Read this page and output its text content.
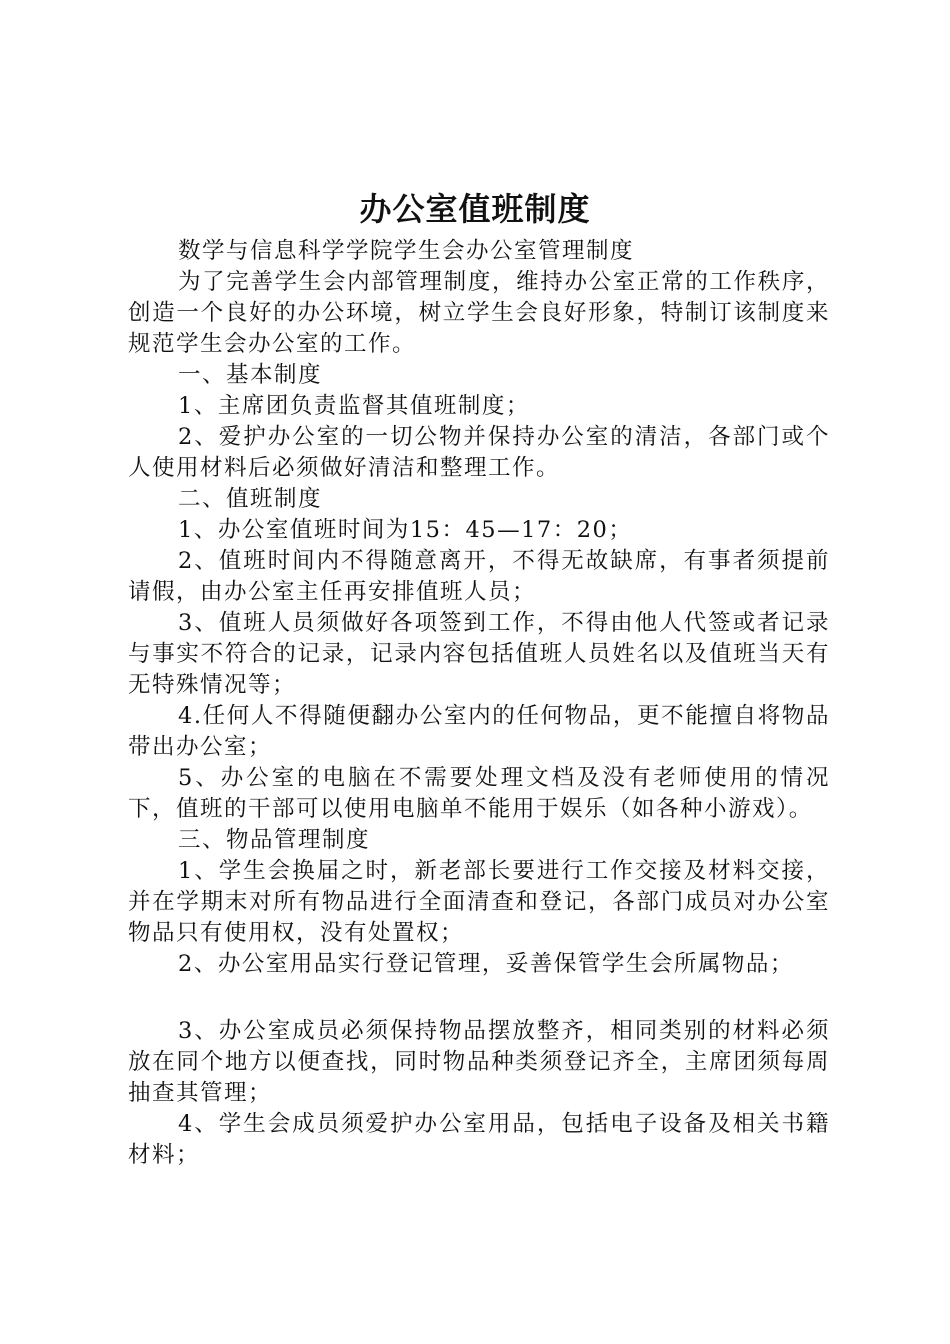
办公室值班制度

数学与信息科学学院学生会办公室管理制度

为了完善学生会内部管理制度，维持办公室正常的工作秩序，创造一个良好的办公环境，树立学生会良好形象，特制订该制度来规范学生会办公室的工作。

一、基本制度

1、主席团负责监督其值班制度；

2、爱护办公室的一切公物并保持办公室的清洁，各部门或个人使用材料后必须做好清洁和整理工作。

二、值班制度

1、办公室值班时间为15：45—17：20；

2、值班时间内不得随意离开，不得无故缺席，有事者须提前请假，由办公室主任再安排值班人员；

3、值班人员须做好各项签到工作，不得由他人代签或者记录与事实不符合的记录，记录内容包括值班人员姓名以及值班当天有无特殊情况等；

4.任何人不得随便翻办公室内的任何物品，更不能擅自将物品带出办公室；

5、办公室的电脑在不需要处理文档及没有老师使用的情况下，值班的干部可以使用电脑单不能用于娱乐（如各种小游戏）。

三、物品管理制度

1、学生会换届之时，新老部长要进行工作交接及材料交接，并在学期末对所有物品进行全面清查和登记，各部门成员对办公室物品只有使用权，没有处置权；

2、办公室用品实行登记管理，妥善保管学生会所属物品；

3、办公室成员必须保持物品摆放整齐，相同类别的材料必须放在同个地方以便查找，同时物品种类须登记齐全，主席团须每周抽查其管理；

4、学生会成员须爱护办公室用品，包括电子设备及相关书籍材料；
